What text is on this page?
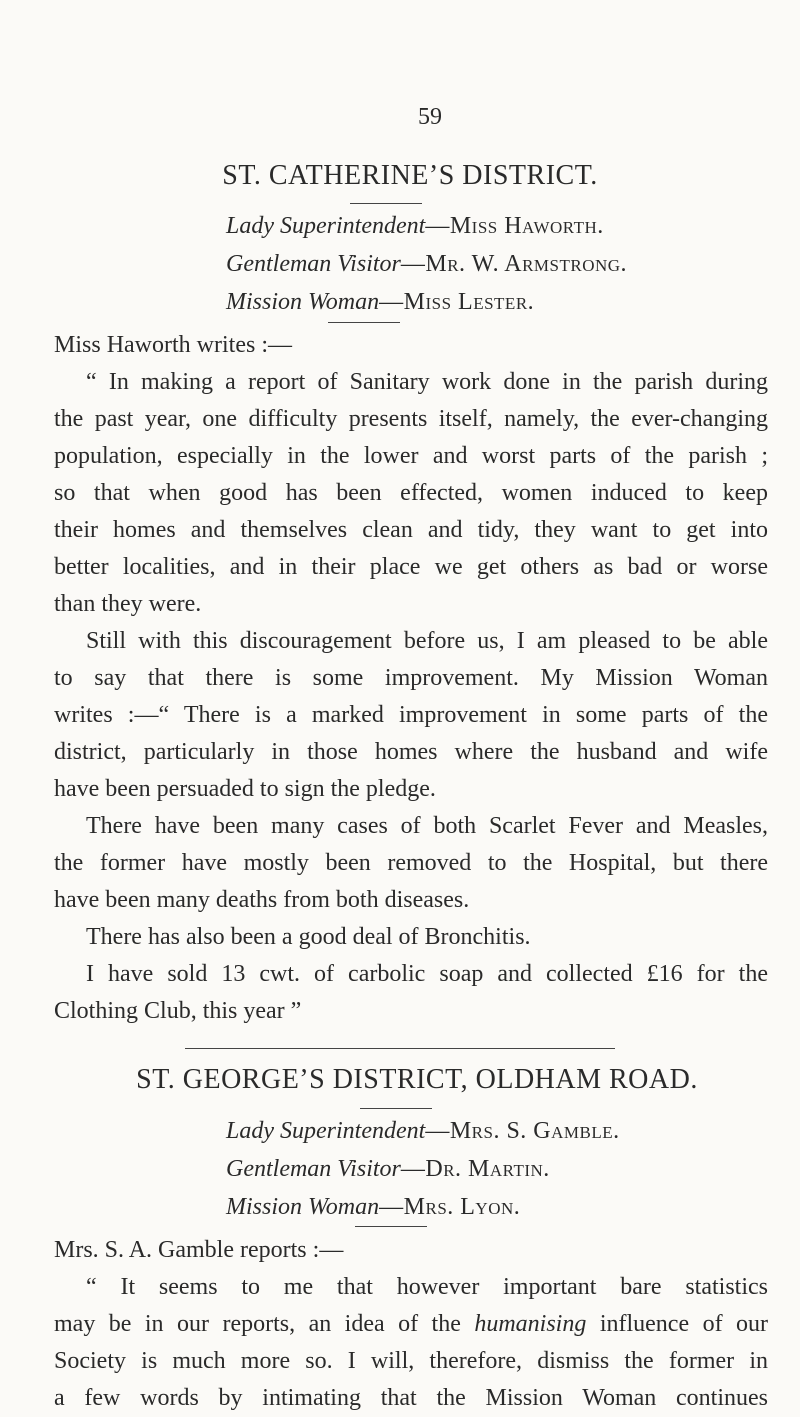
59
ST. CATHERINE’S DISTRICT.
Lady Superintendent—Miss Haworth.
Gentleman Visitor—Mr. W. Armstrong.
Mission Woman—Miss Lester.
Miss Haworth writes :—
“ In making a report of Sanitary work done in the parish during
the past year, one difficulty presents itself, namely, the ever-changing
population, especially in the lower and worst parts of the parish ;
so that when good has been effected, women induced to keep
their homes and themselves clean and tidy, they want to get into
better localities, and in their place we get others as bad or worse
than they were.
Still with this discouragement before us, I am pleased to be able
to say that there is some improvement. My Mission Woman
writes :—“ There is a marked improvement in some parts of the
district, particularly in those homes where the husband and wife
have been persuaded to sign the pledge.
There have been many cases of both Scarlet Fever and Measles,
the former have mostly been removed to the Hospital, but there
have been many deaths from both diseases.
There has also been a good deal of Bronchitis.
I have sold 13 cwt. of carbolic soap and collected £16 for the
Clothing Club, this year ”
ST. GEORGE’S DISTRICT, OLDHAM ROAD.
Lady Superintendent—Mrs. S. Gamble.
Gentleman Visitor—Dr. Martin.
Mission Woman—Mrs. Lyon.
Mrs. S. A. Gamble reports :—
“ It seems to me that however important bare statistics
may be in our reports, an idea of the humanising influence of our
Society is much more so. I will, therefore, dismiss the former in
a few words by intimating that the Mission Woman continues
